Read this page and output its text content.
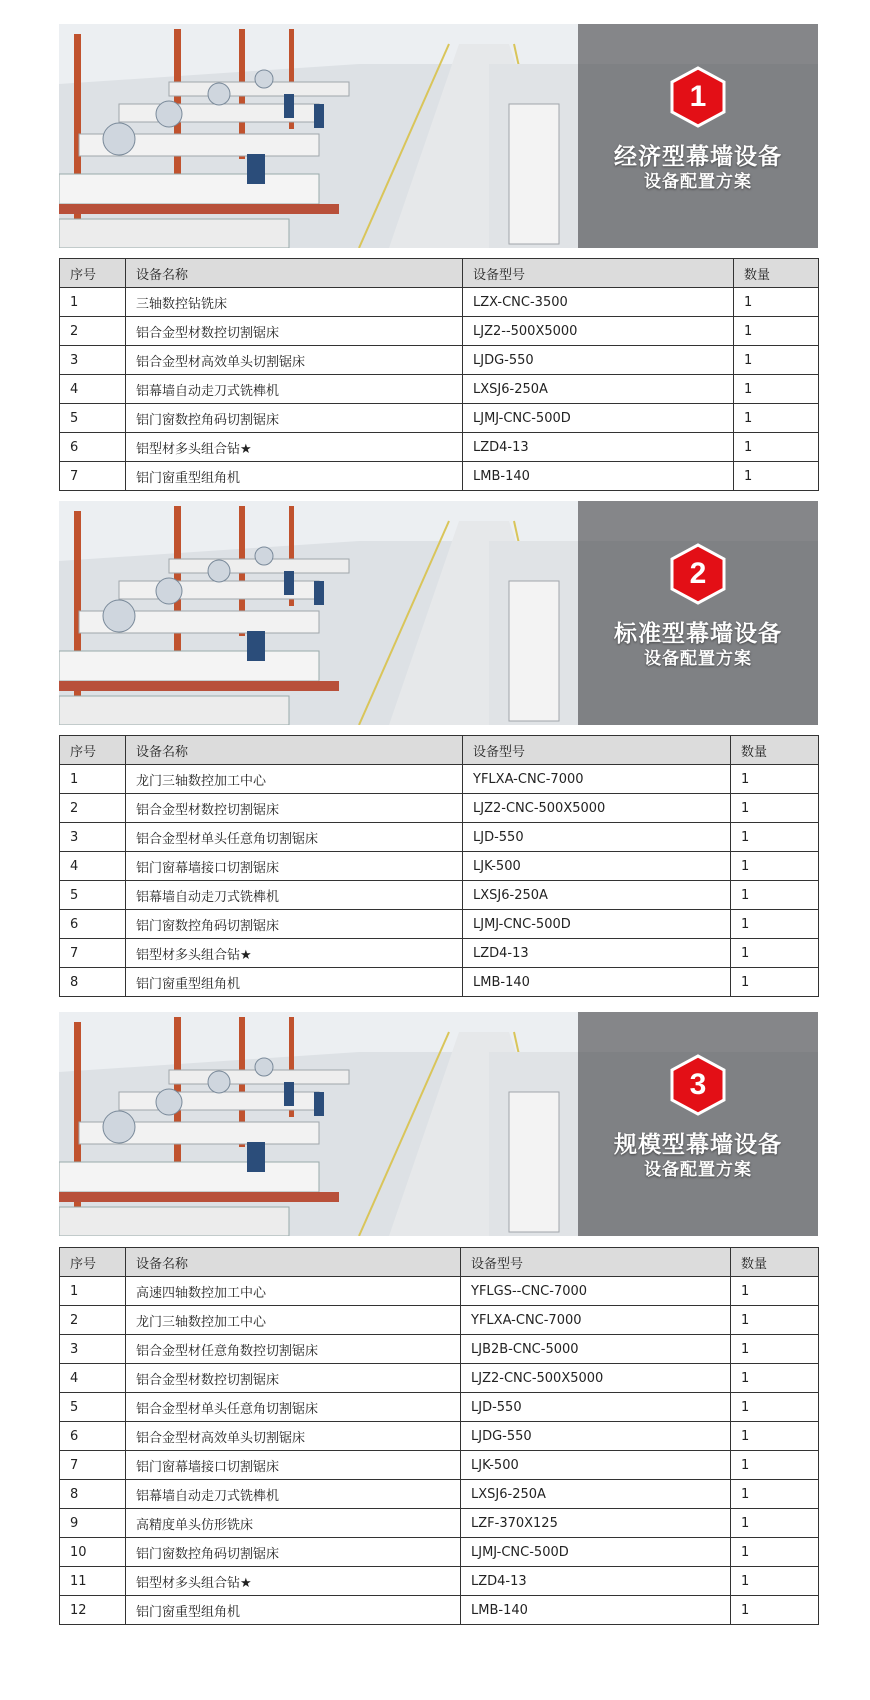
1
经济型幕墙设备
设备配置方案
序号	设备名称	设备型号	数量
1	三轴数控钻铣床	LZX-CNC-3500	1
2	铝合金型材数控切割锯床	LJZ2--500X5000	1
3	铝合金型材高效单头切割锯床	LJDG-550	1
4	铝幕墙自动走刀式铣榫机	LXSJ6-250A	1
5	铝门窗数控角码切割锯床	LJMJ-CNC-500D	1
6	铝型材多头组合钻★	LZD4-13	1
7	铝门窗重型组角机	LMB-140	1
2
标准型幕墙设备
设备配置方案
序号	设备名称	设备型号	数量
1	龙门三轴数控加工中心	YFLXA-CNC-7000	1
2	铝合金型材数控切割锯床	LJZ2-CNC-500X5000	1
3	铝合金型材单头任意角切割锯床	LJD-550	1
4	铝门窗幕墙接口切割锯床	LJK-500	1
5	铝幕墙自动走刀式铣榫机	LXSJ6-250A	1
6	铝门窗数控角码切割锯床	LJMJ-CNC-500D	1
7	铝型材多头组合钻★	LZD4-13	1
8	铝门窗重型组角机	LMB-140	1
3
规模型幕墙设备
设备配置方案
序号	设备名称	设备型号	数量
1	高速四轴数控加工中心	YFLGS--CNC-7000	1
2	龙门三轴数控加工中心	YFLXA-CNC-7000	1
3	铝合金型材任意角数控切割锯床	LJB2B-CNC-5000	1
4	铝合金型材数控切割锯床	LJZ2-CNC-500X5000	1
5	铝合金型材单头任意角切割锯床	LJD-550	1
6	铝合金型材高效单头切割锯床	LJDG-550	1
7	铝门窗幕墙接口切割锯床	LJK-500	1
8	铝幕墙自动走刀式铣榫机	LXSJ6-250A	1
9	高精度单头仿形铣床	LZF-370X125	1
10	铝门窗数控角码切割锯床	LJMJ-CNC-500D	1
11	铝型材多头组合钻★	LZD4-13	1
12	铝门窗重型组角机	LMB-140	1
